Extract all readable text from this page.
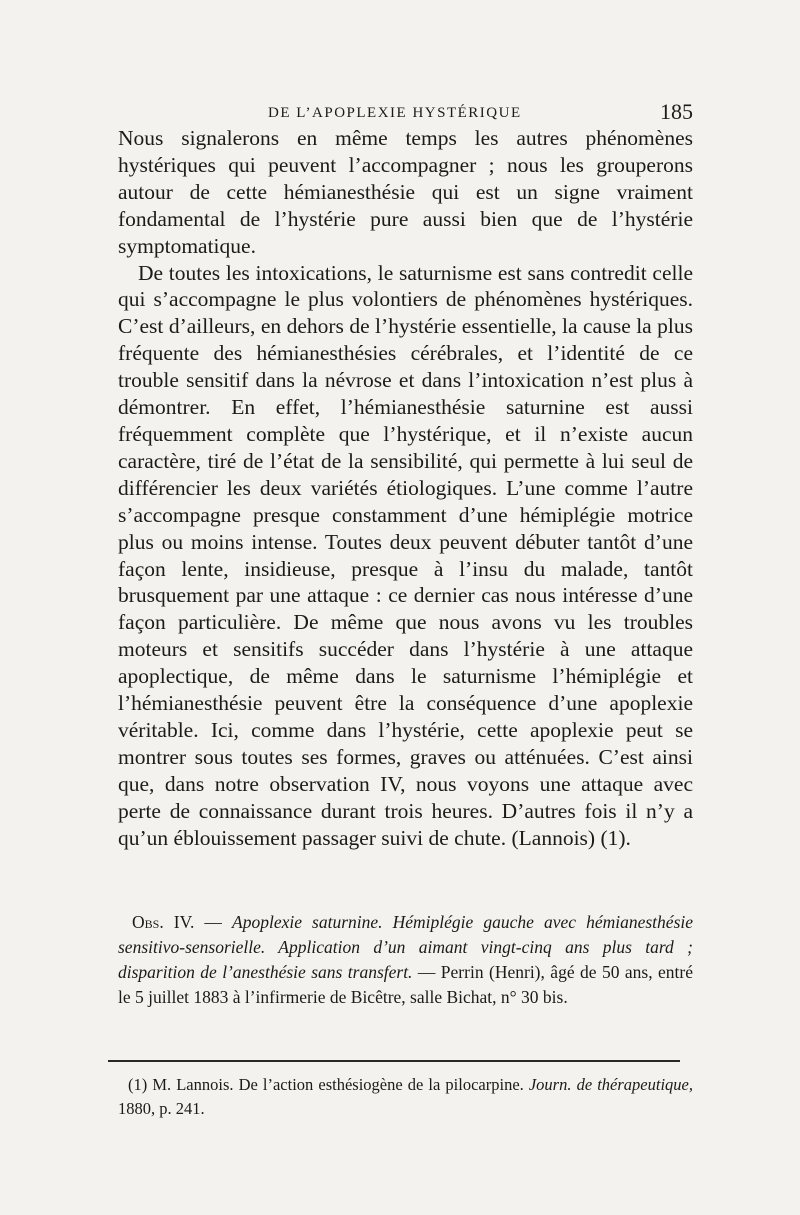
DE L’APOPLEXIE HYSTÉRIQUE	185

Nous signalerons en même temps les autres phénomènes hystériques qui peuvent l’accompagner ; nous les grouperons autour de cette hémianesthésie qui est un signe vraiment fondamental de l’hystérie pure aussi bien que de l’hystérie symptomatique.

De toutes les intoxications, le saturnisme est sans contredit celle qui s’accompagne le plus volontiers de phénomènes hystériques. C’est d’ailleurs, en dehors de l’hystérie essentielle, la cause la plus fréquente des hémianesthésies cérébrales, et l’identité de ce trouble sensitif dans la névrose et dans l’intoxication n’est plus à démontrer. En effet, l’hémianesthésie saturnine est aussi fréquemment complète que l’hystérique, et il n’existe aucun caractère, tiré de l’état de la sensibilité, qui permette à lui seul de différencier les deux variétés étiologiques. L’une comme l’autre s’accompagne presque constamment d’une hémiplégie motrice plus ou moins intense. Toutes deux peuvent débuter tantôt d’une façon lente, insidieuse, presque à l’insu du malade, tantôt brusquement par une attaque : ce dernier cas nous intéresse d’une façon particulière. De même que nous avons vu les troubles moteurs et sensitifs succéder dans l’hystérie à une attaque apoplectique, de même dans le saturnisme l’hémiplégie et l’hémianesthésie peuvent être la conséquence d’une apoplexie véritable. Ici, comme dans l’hystérie, cette apoplexie peut se montrer sous toutes ses formes, graves ou atténuées. C’est ainsi que, dans notre observation IV, nous voyons une attaque avec perte de connaissance durant trois heures. D’autres fois il n’y a qu’un éblouissement passager suivi de chute. (Lannois) (1).

Obs. IV. — Apoplexie saturnine. Hémiplégie gauche avec hémianesthésie sensitivo-sensorielle. Application d’un aimant vingt-cinq ans plus tard ; disparition de l’anesthésie sans transfert. — Perrin (Henri), âgé de 50 ans, entré le 5 juillet 1883 à l’infirmerie de Bicêtre, salle Bichat, n° 30 bis.

(1) M. Lannois. De l’action esthésiogène de la pilocarpine. Journ. de thérapeutique, 1880, p. 241.
